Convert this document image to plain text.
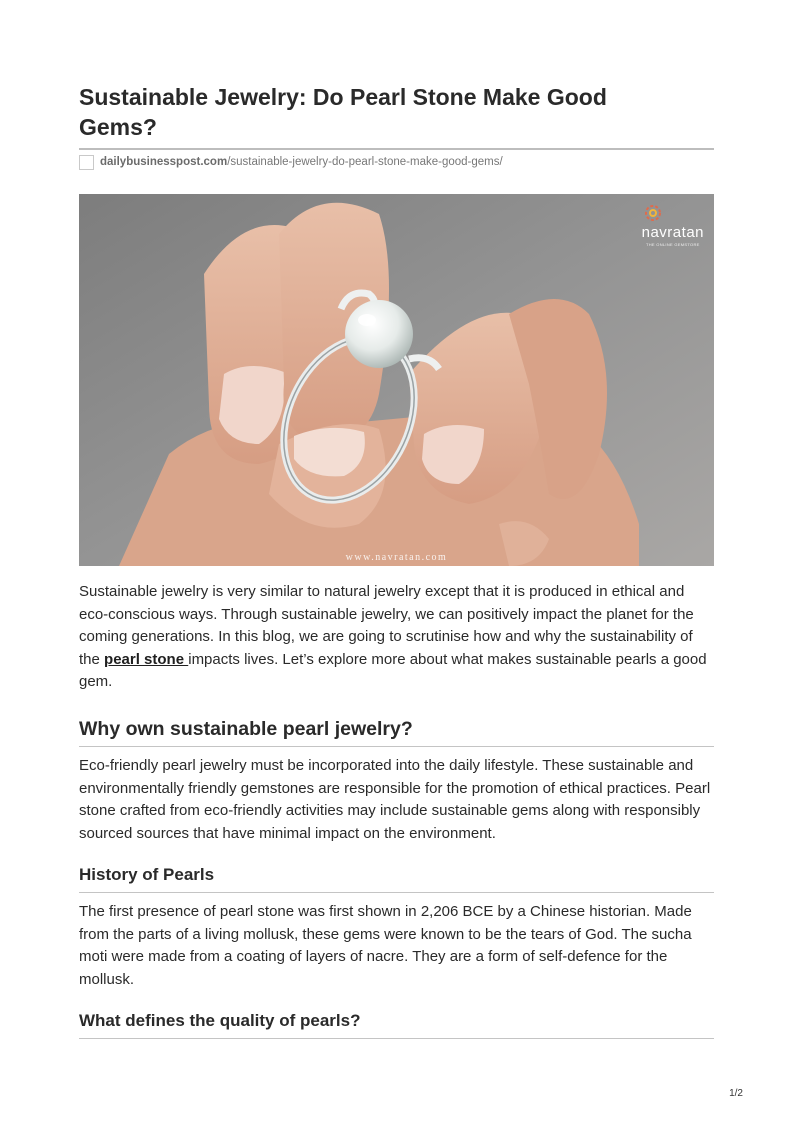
Sustainable Jewelry: Do Pearl Stone Make Good Gems?
dailybusinesspost.com /sustainable-jewelry-do-pearl-stone-make-good-gems/
navratan
THE ONLINE GEMSTORE
www.navratan.com

Sustainable jewelry is very similar to natural jewelry except that it is produced in ethical and eco-conscious ways. Through sustainable jewelry, we can positively impact the planet for the coming generations. In this blog, we are going to scrutinise how and why the sustainability of the pearl stone impacts lives. Let’s explore more about what makes sustainable pearls a good gem.

Why own sustainable pearl jewelry?

Eco-friendly pearl jewelry must be incorporated into the daily lifestyle. These sustainable and environmentally friendly gemstones are responsible for the promotion of ethical practices. Pearl stone crafted from eco-friendly activities may include sustainable gems along with responsibly sourced sources that have minimal impact on the environment.

History of Pearls

The first presence of pearl stone was first shown in 2,206 BCE by a Chinese historian. Made from the parts of a living mollusk, these gems were known to be the tears of God. The sucha moti were made from a coating of layers of nacre. They are a form of self-defence for the mollusk.

What defines the quality of pearls?
1/2
